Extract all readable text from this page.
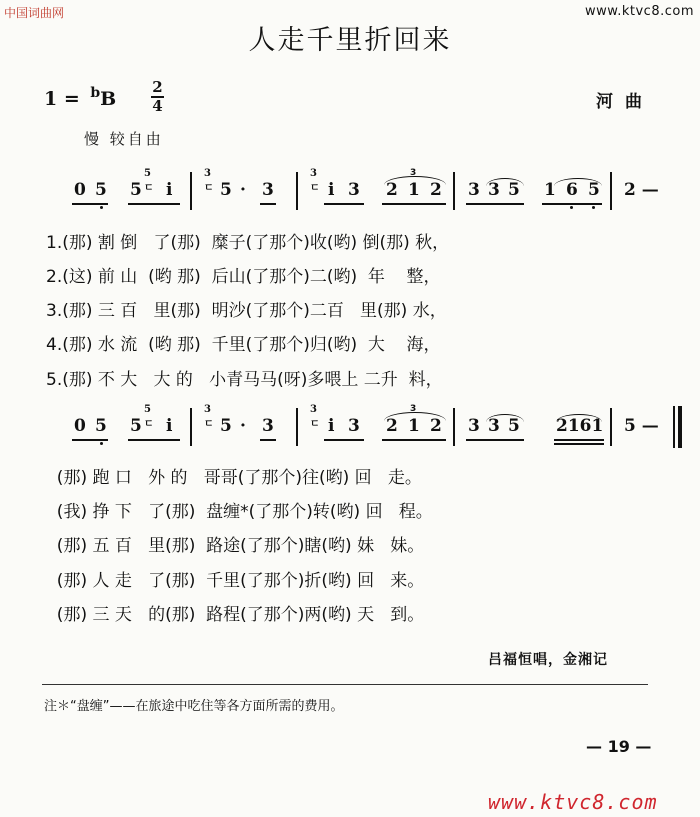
中国词曲网	www.ktvc8.com
人走千里折回来
1 = $^b$B
2
4	河曲
慢 较自由
0 5 5
5
ㄷ i
3
ㄷ 5 · 3
3
ㄷ i 3
3
2 1 2 3 3 5 1 6 5 2 —
1.(那) 割 倒   了(那)  糜子(了那个)收(哟) 倒(那) 秋，
2.(这) 前 山  (哟 那)  后山(了那个)二(哟)  年    整，
3.(那) 三 百   里(那)  明沙(了那个)二百   里(那) 水，
4.(那) 水 流  (哟 那)  千里(了那个)归(哟)  大    海，
5.(那) 不 大   大 的   小青马马(呀)多喂上 二升  料，
0 5 5
5
ㄷ i
3
ㄷ 5 · 3
3
ㄷ i 3
3
2 1 2 3 3 5 2161 5 —
(那) 跑 口   外 的   哥哥(了那个)往(哟) 回   走。
(我) 挣 下   了(那)  盘缠*(了那个)转(哟) 回   程。
(那) 五 百   里(那)  路途(了那个)瞎(哟) 妹   妹。
(那) 人 走   了(那)  千里(了那个)折(哟) 回   来。
(那) 三 天   的(那)  路程(了那个)两(哟) 天   到。
吕福恒唱，金湘记
注＊“盘缠”——在旅途中吃住等各方面所需的费用。
— 19 —
www.ktvc8.com
